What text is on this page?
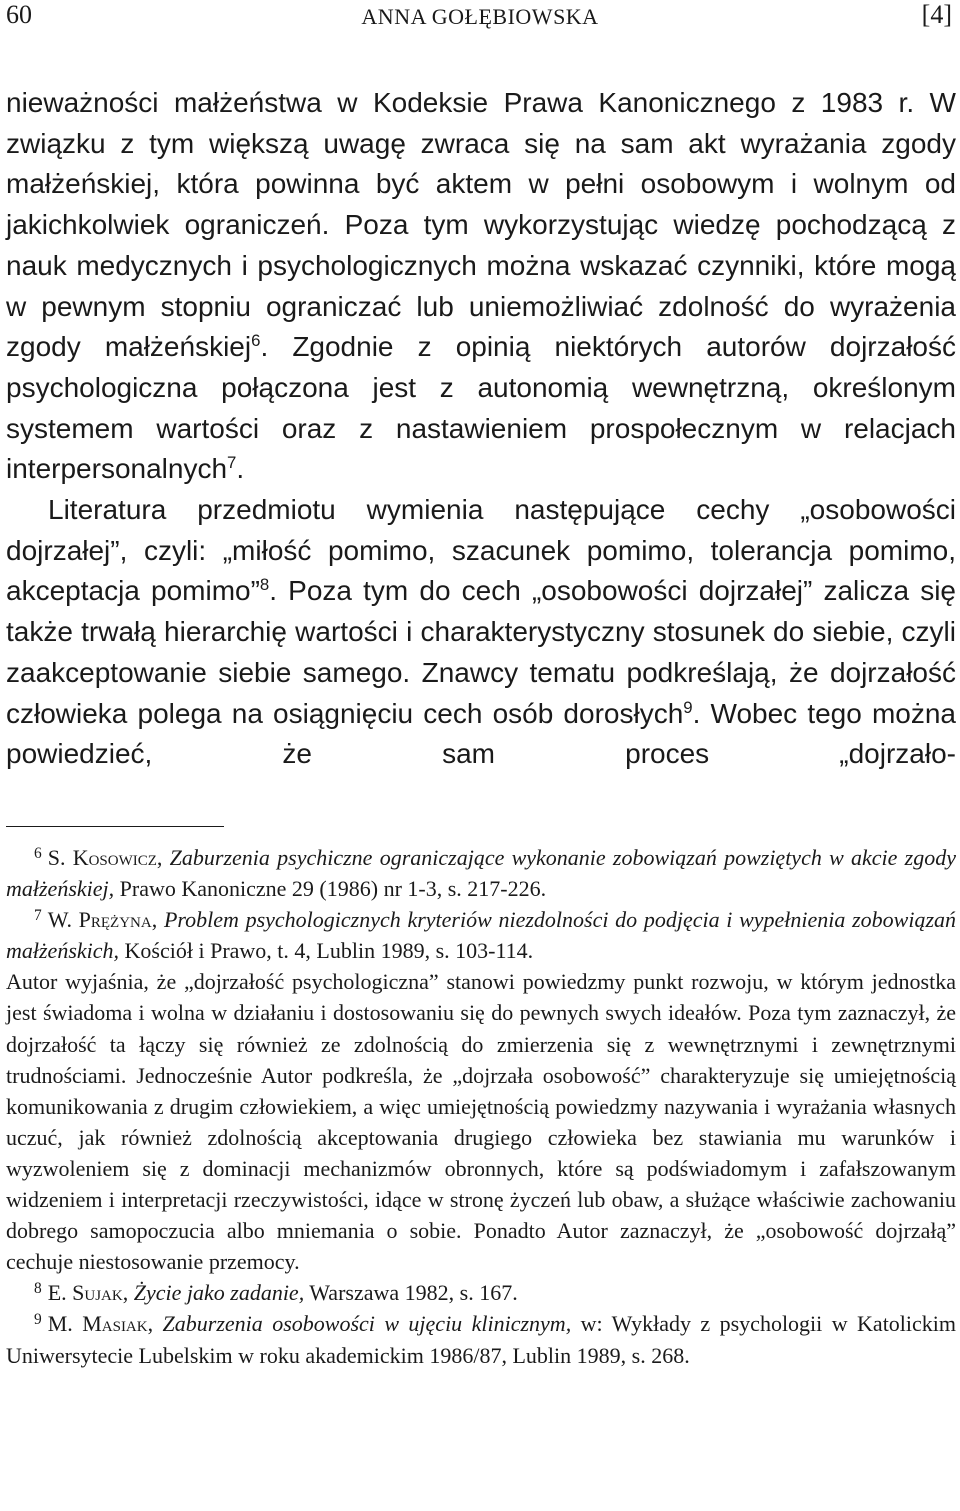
60	ANNA GOŁĘBIOWSKA	[4]

nieważności małżeństwa w Kodeksie Prawa Kanonicznego z 1983 r. W związku z tym większą uwagę zwraca się na sam akt wyrażania zgody małżeńskiej, która powinna być aktem w pełni osobowym i wolnym od jakichkolwiek ograniczeń. Poza tym wykorzystując wiedzę pochodzącą z nauk medycznych i psychologicznych można wskazać czynniki, które mogą w pewnym stopniu ograniczać lub uniemożliwiać zdolność do wyrażenia zgody małżeńskiej$^6$. Zgodnie z opinią niektórych autorów dojrzałość psychologiczna połączona jest z autonomią wewnętrzną, określonym systemem wartości oraz z nastawieniem prospołecznym w relacjach interpersonalnych$^7$.

Literatura przedmiotu wymienia następujące cechy „osobowości dojrzałej”, czyli: „miłość pomimo, szacunek pomimo, tolerancja pomimo, akceptacja pomimo”$^8$. Poza tym do cech „osobowości dojrzałej” zalicza się także trwałą hierarchię wartości i charakterystyczny stosunek do siebie, czyli zaakceptowanie siebie samego. Znawcy tematu podkreślają, że dojrzałość człowieka polega na osiągnięciu cech osób dorosłych$^9$. Wobec tego można powiedzieć, że sam proces „dojrzało-

$^6$ S. Kosowicz, Zaburzenia psychiczne ograniczające wykonanie zobowiązań powziętych w akcie zgody małżeńskiej, Prawo Kanoniczne 29 (1986) nr 1-3, s. 217-226.

$^7$ W. Prężyna, Problem psychologicznych kryteriów niezdolności do podjęcia i wypełnienia zobowiązań małżeńskich, Kościół i Prawo, t. 4, Lublin 1989, s. 103-114.

Autor wyjaśnia, że „dojrzałość psychologiczna” stanowi powiedzmy punkt rozwoju, w którym jednostka jest świadoma i wolna w działaniu i dostosowaniu się do pewnych swych ideałów. Poza tym zaznaczył, że dojrzałość ta łączy się również ze zdolnością do zmierzenia się z wewnętrznymi i zewnętrznymi trudnościami. Jednocześnie Autor podkreśla, że „dojrzała osobowość” charakteryzuje się umiejętnością komunikowania z drugim człowiekiem, a więc umiejętnością powiedzmy nazywania i wyrażania własnych uczuć, jak również zdolnością akceptowania drugiego człowieka bez stawiania mu warunków i wyzwoleniem się z dominacji mechanizmów obronnych, które są podświadomym i zafałszowanym widzeniem i interpretacji rzeczywistości, idące w stronę życzeń lub obaw, a służące właściwie zachowaniu dobrego samopoczucia albo mniemania o sobie. Ponadto Autor zaznaczył, że „osobowość dojrzałą” cechuje niestosowanie przemocy.

$^8$ E. Sujak, Życie jako zadanie, Warszawa 1982, s. 167.

$^9$ M. Masiak, Zaburzenia osobowości w ujęciu klinicznym, w: Wykłady z psychologii w Katolickim Uniwersytecie Lubelskim w roku akademickim 1986/87, Lublin 1989, s. 268.
